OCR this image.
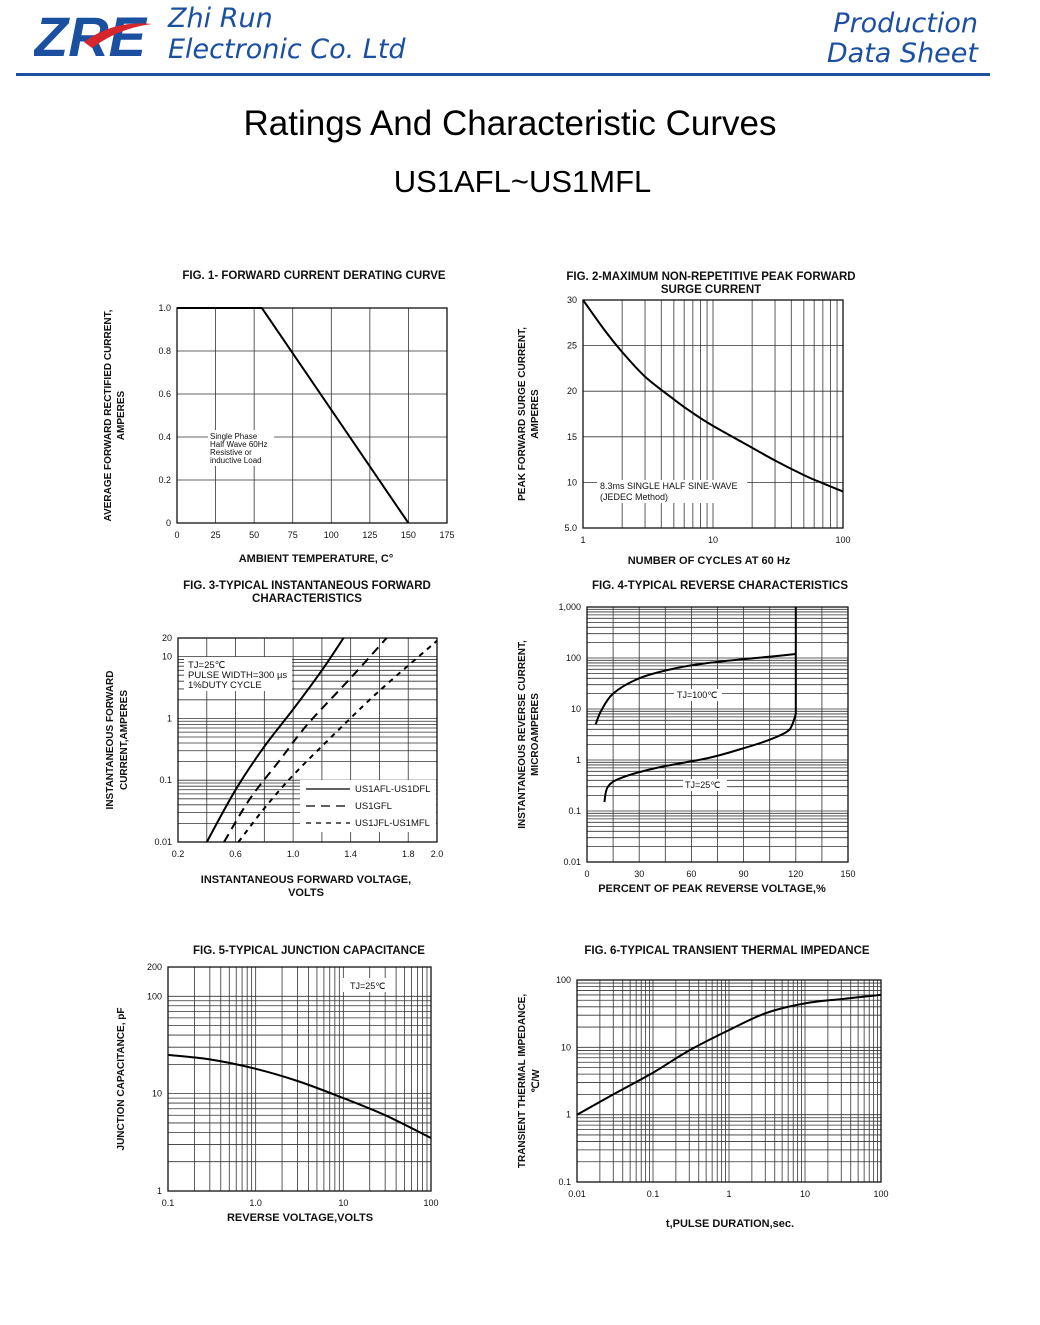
ZRE Zhi Run
Electronic Co. Ltd
Production
Data Sheet
Ratings And Characteristic Curves
US1AFL~US1MFL
0	25	50	75	100	125	150	175
0
0.2
0.4
0.6
0.8
1.0
FIG. 1- FORWARD CURRENT DERATING CURVE
AMBIENT TEMPERATURE, C°
AVERAGE FORWARD RECTIFIED CURRENT, AMPERES	Single Phase
Half Wave 60Hz
Resistive or
inductive Load
1	10	100
5.0
10
15
20
25
30
FIG. 2-MAXIMUM NON-REPETITIVE PEAK FORWARD
SURGE CURRENT
NUMBER OF CYCLES AT 60 Hz
PEAK FORWARD SURGE CURRENT, AMPERES
8.3ms SINGLE HALF SINE-WAVE
(JEDEC Method)
0.2	0.6	1.0	1.4	1.8 2.0
0.01
0.1
1
10
20
FIG. 3-TYPICAL INSTANTANEOUS FORWARD
CHARACTERISTICS
INSTANTANEOUS FORWARD VOLTAGE,
VOLTS
INSTANTANEOUS FORWARD CURRENT,AMPERES
TJ=25℃
PULSE WIDTH=300 µs
1%DUTY CYCLE
US1AFL-US1DFL
US1GFL
US1JFL-US1MFL
0	30	60	90	120	150
0.01
0.1
1
10
100
1,000
FIG. 4-TYPICAL REVERSE CHARACTERISTICS
PERCENT OF PEAK REVERSE VOLTAGE,%
INSTANTANEOUS REVERSE CURRENT, MICROAMPERES	TJ=100℃
TJ=25℃
0.1	1.0	10	100
1
10
100
200
FIG. 5-TYPICAL JUNCTION CAPACITANCE
REVERSE VOLTAGE,VOLTS
JUNCTION CAPACITANCE, pF
TJ=25℃
0.01	0.1	1	10	100
0.1
1
10
100
FIG. 6-TYPICAL TRANSIENT THERMAL IMPEDANCE
t,PULSE DURATION,sec.
TRANSIENT THERMAL IMPEDANCE, ℃/W
